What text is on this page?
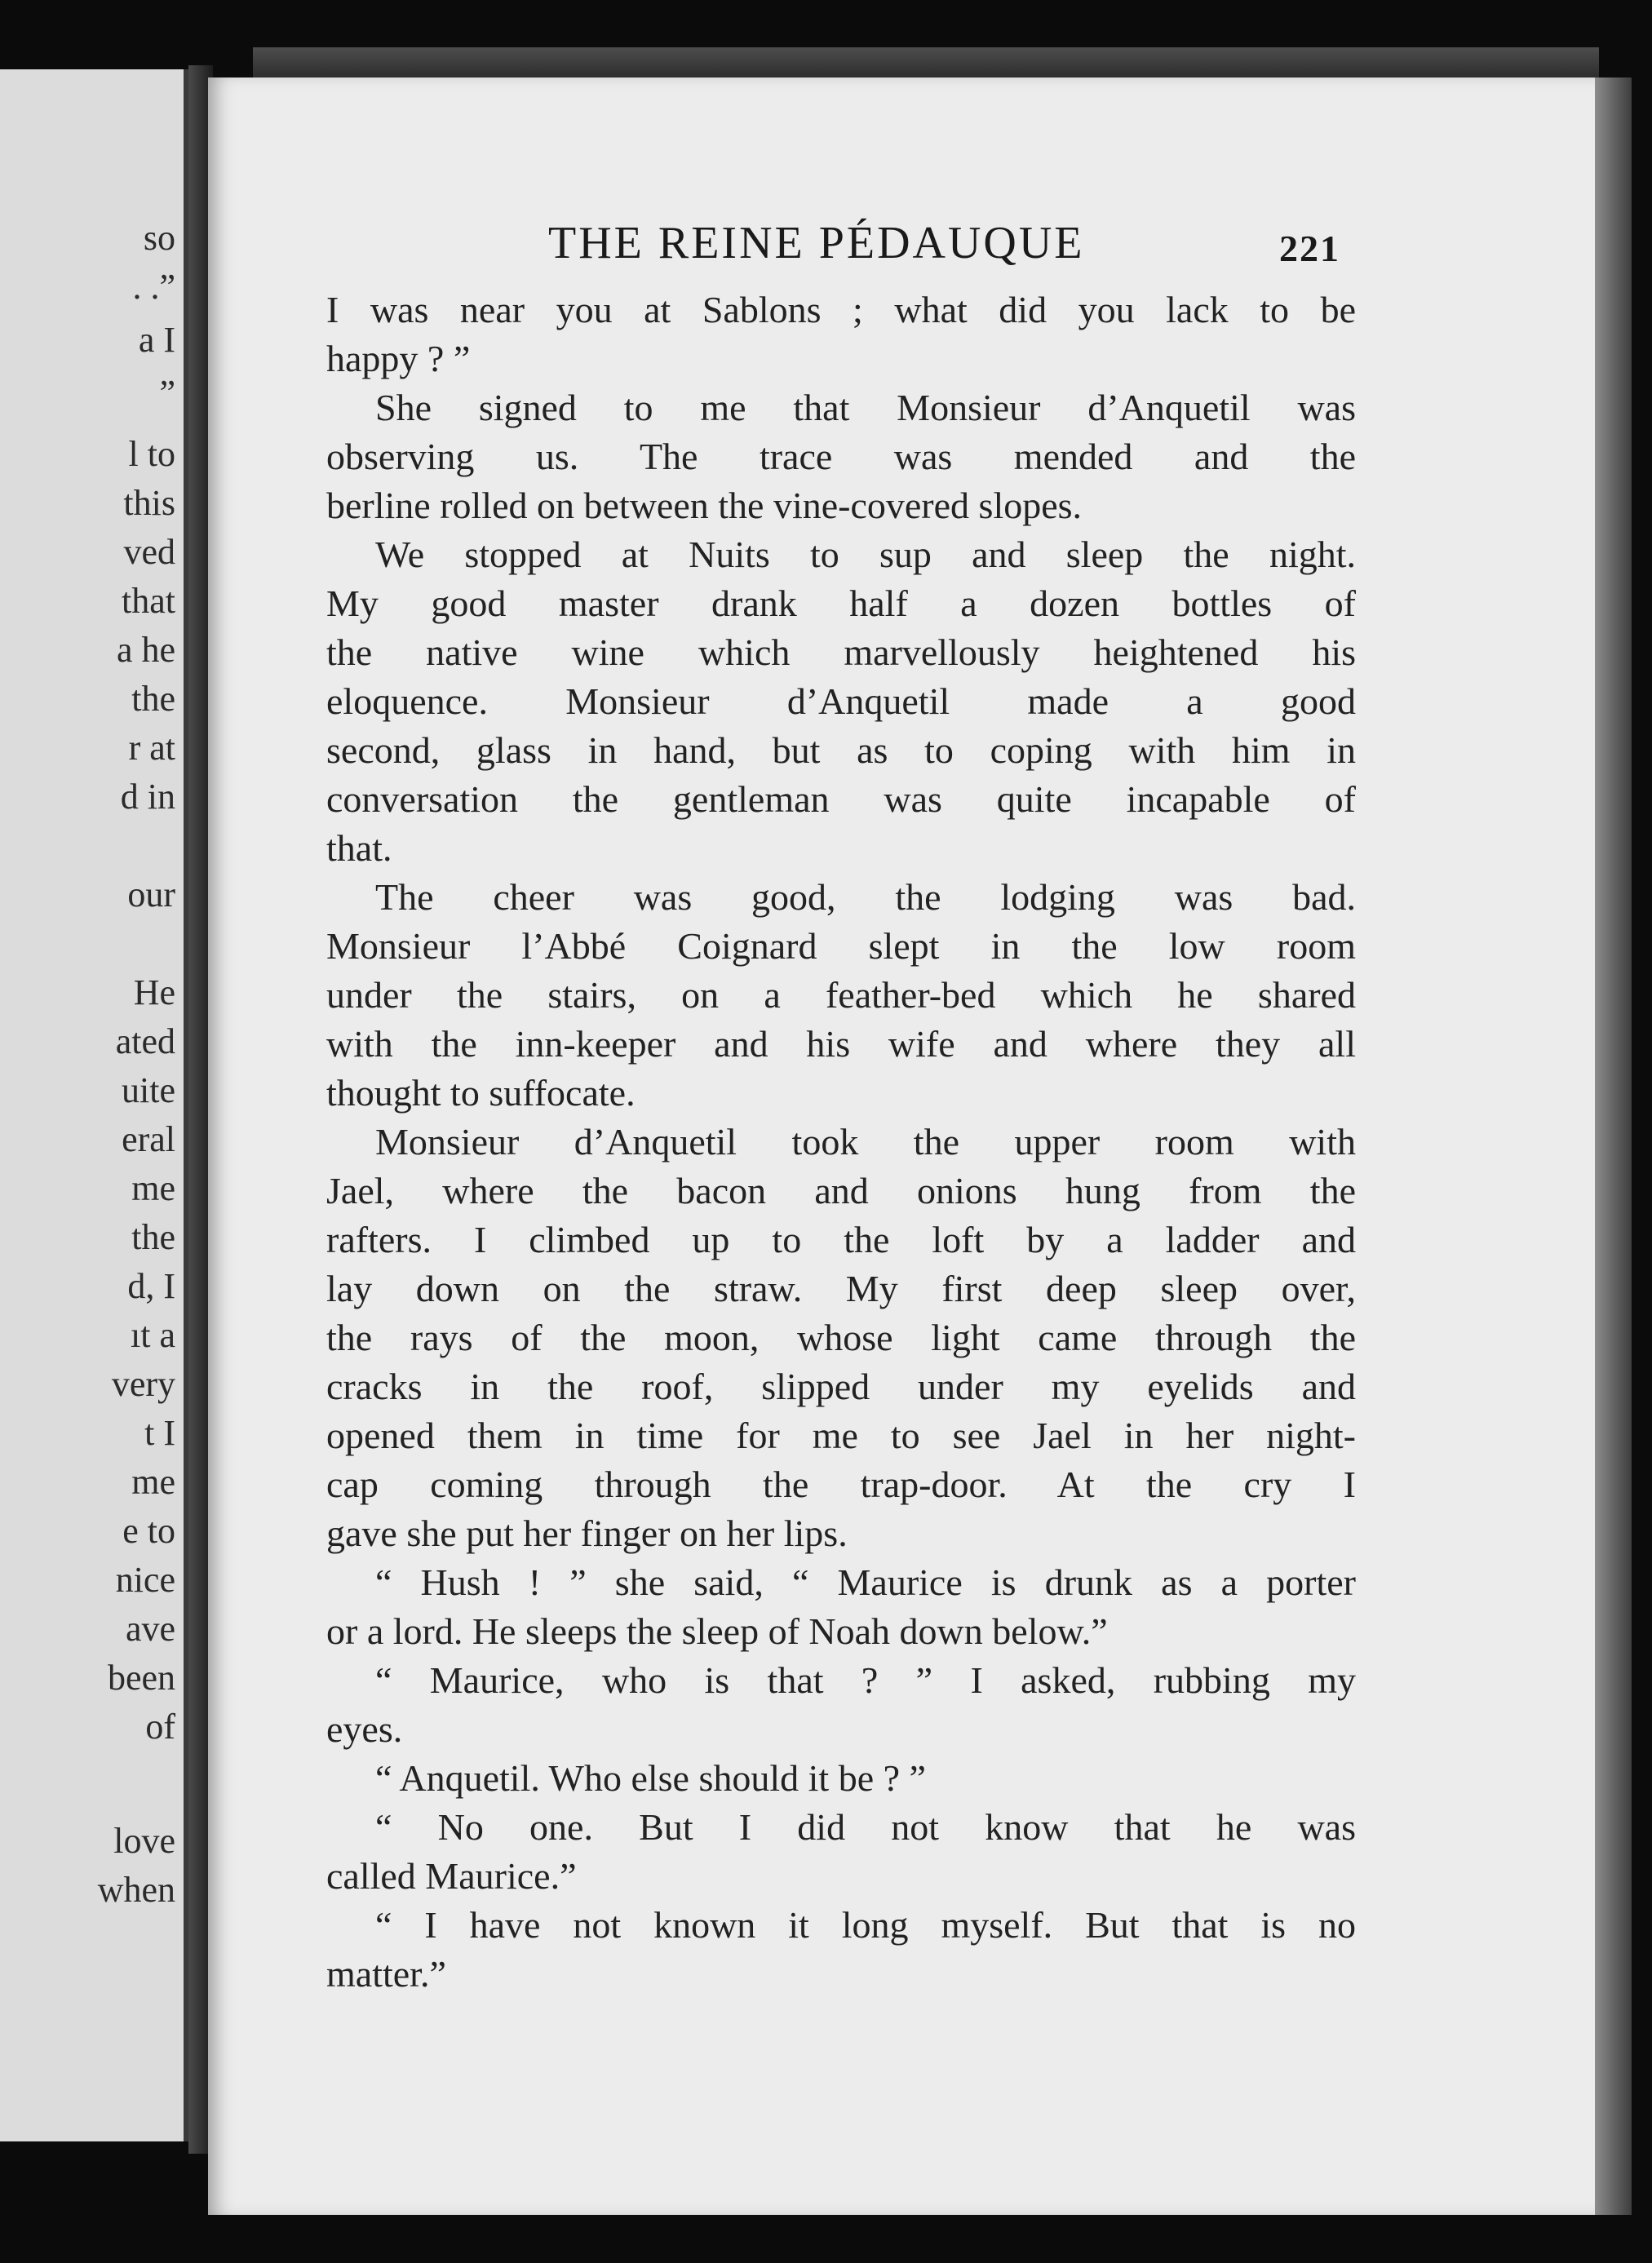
so
. .”
a I
”
l to
this
ved
that
a he
the
r at
d in
our
He
ated
uite
eral
me
the
d, I
ıt a
very
t I
me
e to
nice
ave
been
of
love
when
THE REINE PÉDAUQUE	221
I was near you at Sablons ; what did you lack to be
happy ? ”
She signed to me that Monsieur d’Anquetil was
observing us. The trace was mended and the
berline rolled on between the vine-covered slopes.
We stopped at Nuits to sup and sleep the night.
My good master drank half a dozen bottles of
the native wine which marvellously heightened his
eloquence. Monsieur d’Anquetil made a good
second, glass in hand, but as to coping with him in
conversation the gentleman was quite incapable of
that.
The cheer was good, the lodging was bad.
Monsieur l’Abbé Coignard slept in the low room
under the stairs, on a feather-bed which he shared
with the inn-keeper and his wife and where they all
thought to suffocate.
Monsieur d’Anquetil took the upper room with
Jael, where the bacon and onions hung from the
rafters. I climbed up to the loft by a ladder and
lay down on the straw. My first deep sleep over,
the rays of the moon, whose light came through the
cracks in the roof, slipped under my eyelids and
opened them in time for me to see Jael in her night-
cap coming through the trap-door. At the cry I
gave she put her finger on her lips.
“ Hush ! ” she said, “ Maurice is drunk as a porter
or a lord. He sleeps the sleep of Noah down below.”
“ Maurice, who is that ? ” I asked, rubbing my
eyes.
“ Anquetil. Who else should it be ? ”
“ No one. But I did not know that he was
called Maurice.”
“ I have not known it long myself. But that is no
matter.”
